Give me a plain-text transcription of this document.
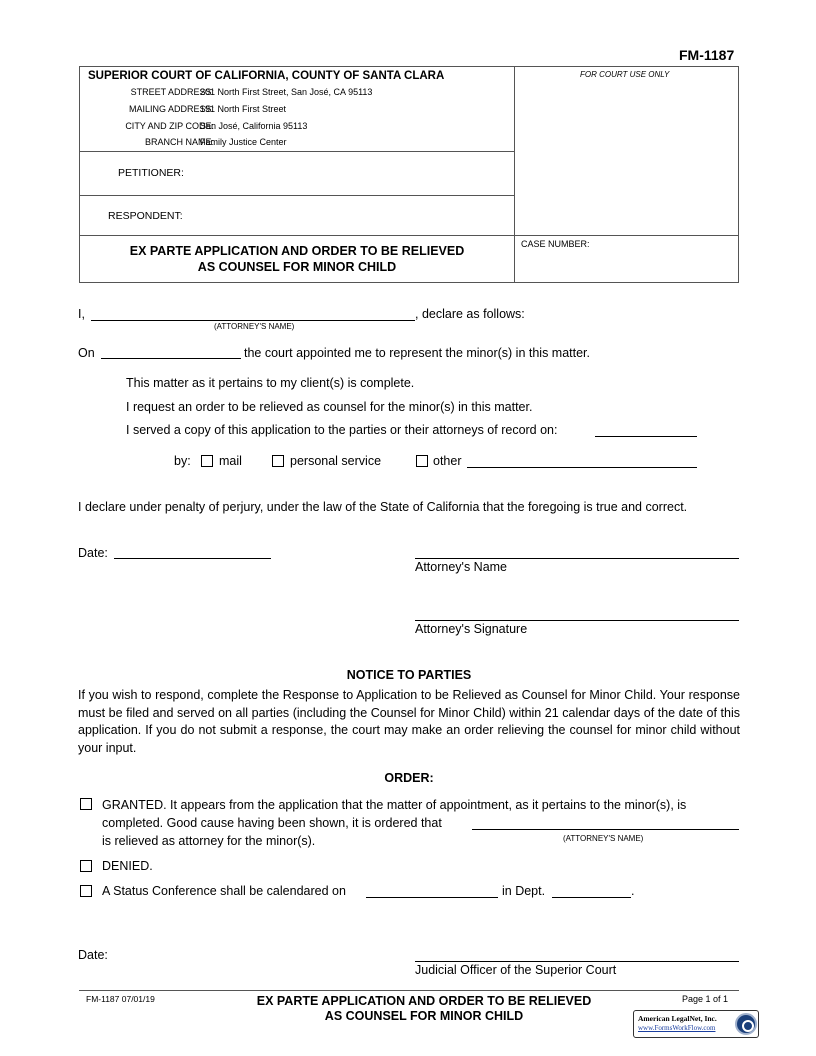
FM-1187
SUPERIOR COURT OF CALIFORNIA, COUNTY OF SANTA CLARA
STREET ADDRESS:
201 North First Street, San José, CA 95113
MAILING ADDRESS:
191 North First Street
CITY AND ZIP CODE:
San José, California 95113
BRANCH NAME:
Family Justice Center
PETITIONER:
RESPONDENT:
FOR COURT USE ONLY
CASE NUMBER:
EX PARTE APPLICATION AND ORDER TO BE RELIEVED
AS COUNSEL FOR MINOR CHILD
I,	, declare as follows:
(ATTORNEY'S NAME)
On	the court appointed me to represent the minor(s) in this matter.
This matter as it pertains to my client(s) is complete.
I request an order to be relieved as counsel for the minor(s) in this matter.
I served a copy of this application to the parties or their attorneys of record on:
by: mail	personal service	other
I declare under penalty of perjury, under the law of the State of California that the foregoing is true and correct.
Date:
Attorney's Name
Attorney's Signature
NOTICE TO PARTIES
If you wish to respond, complete the Response to Application to be Relieved as Counsel for Minor Child. Your response must be filed and served on all parties (including the Counsel for Minor Child) within 21 calendar days of the date of this application. If you do not submit a response, the court may make an order relieving the counsel for minor child without your input.
ORDER:
GRANTED. It appears from the application that the matter of appointment, as it pertains to the minor(s), is
completed. Good cause having been shown, it is ordered that
(ATTORNEY'S NAME)
is relieved as attorney for the minor(s).
DENIED.
A Status Conference shall be calendared on	in Dept.	.
Date:
Judicial Officer of the Superior Court
FM-1187 07/01/19	EX PARTE APPLICATION AND ORDER TO BE RELIEVED
AS COUNSEL FOR MINOR CHILD
Page 1 of 1
American LegalNet, Inc.
www.FormsWorkFlow.com
